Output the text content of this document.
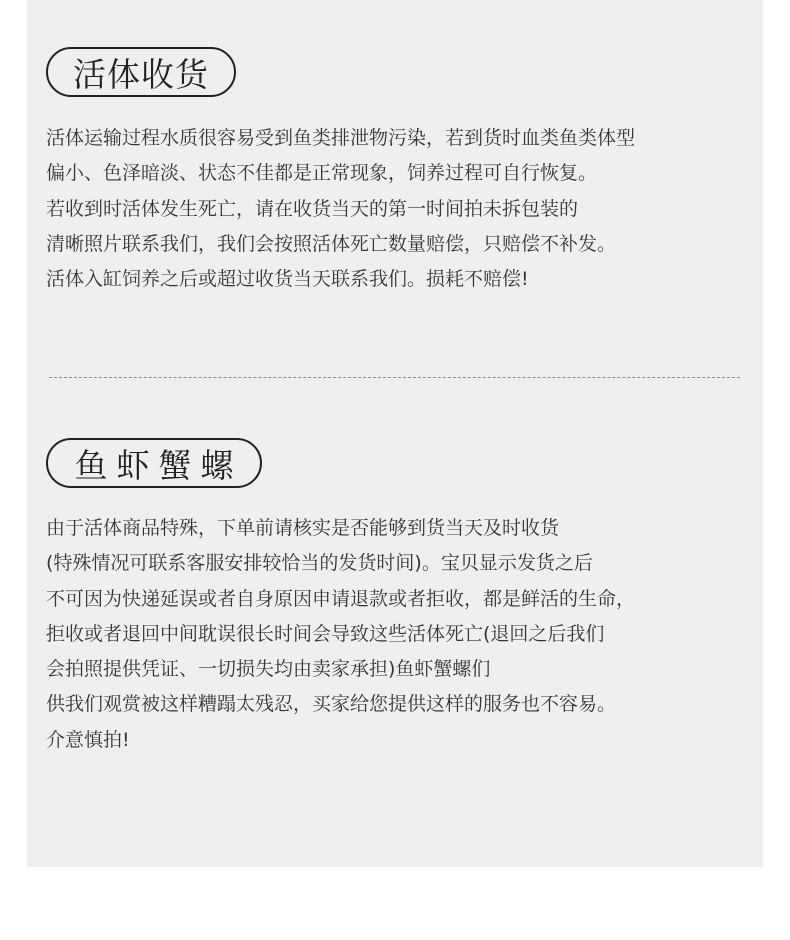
活体收货
活体运输过程水质很容易受到鱼类排泄物污染，若到货时血类鱼类体型
偏小、色泽暗淡、状态不佳都是正常现象，饲养过程可自行恢复。
若收到时活体发生死亡，请在收货当天的第一时间拍未拆包装的
清晰照片联系我们，我们会按照活体死亡数量赔偿，只赔偿不补发。
活体入缸饲养之后或超过收货当天联系我们。损耗不赔偿!
鱼虾蟹螺
由于活体商品特殊，下单前请核实是否能够到货当天及时收货
(特殊情况可联系客服安排较恰当的发货时间)。宝贝显示发货之后
不可因为快递延误或者自身原因申请退款或者拒收，都是鲜活的生命，
拒收或者退回中间耽误很长时间会导致这些活体死亡(退回之后我们
会拍照提供凭证、一切损失均由卖家承担)鱼虾蟹螺们
供我们观赏被这样糟蹋太残忍，买家给您提供这样的服务也不容易。
介意慎拍!
